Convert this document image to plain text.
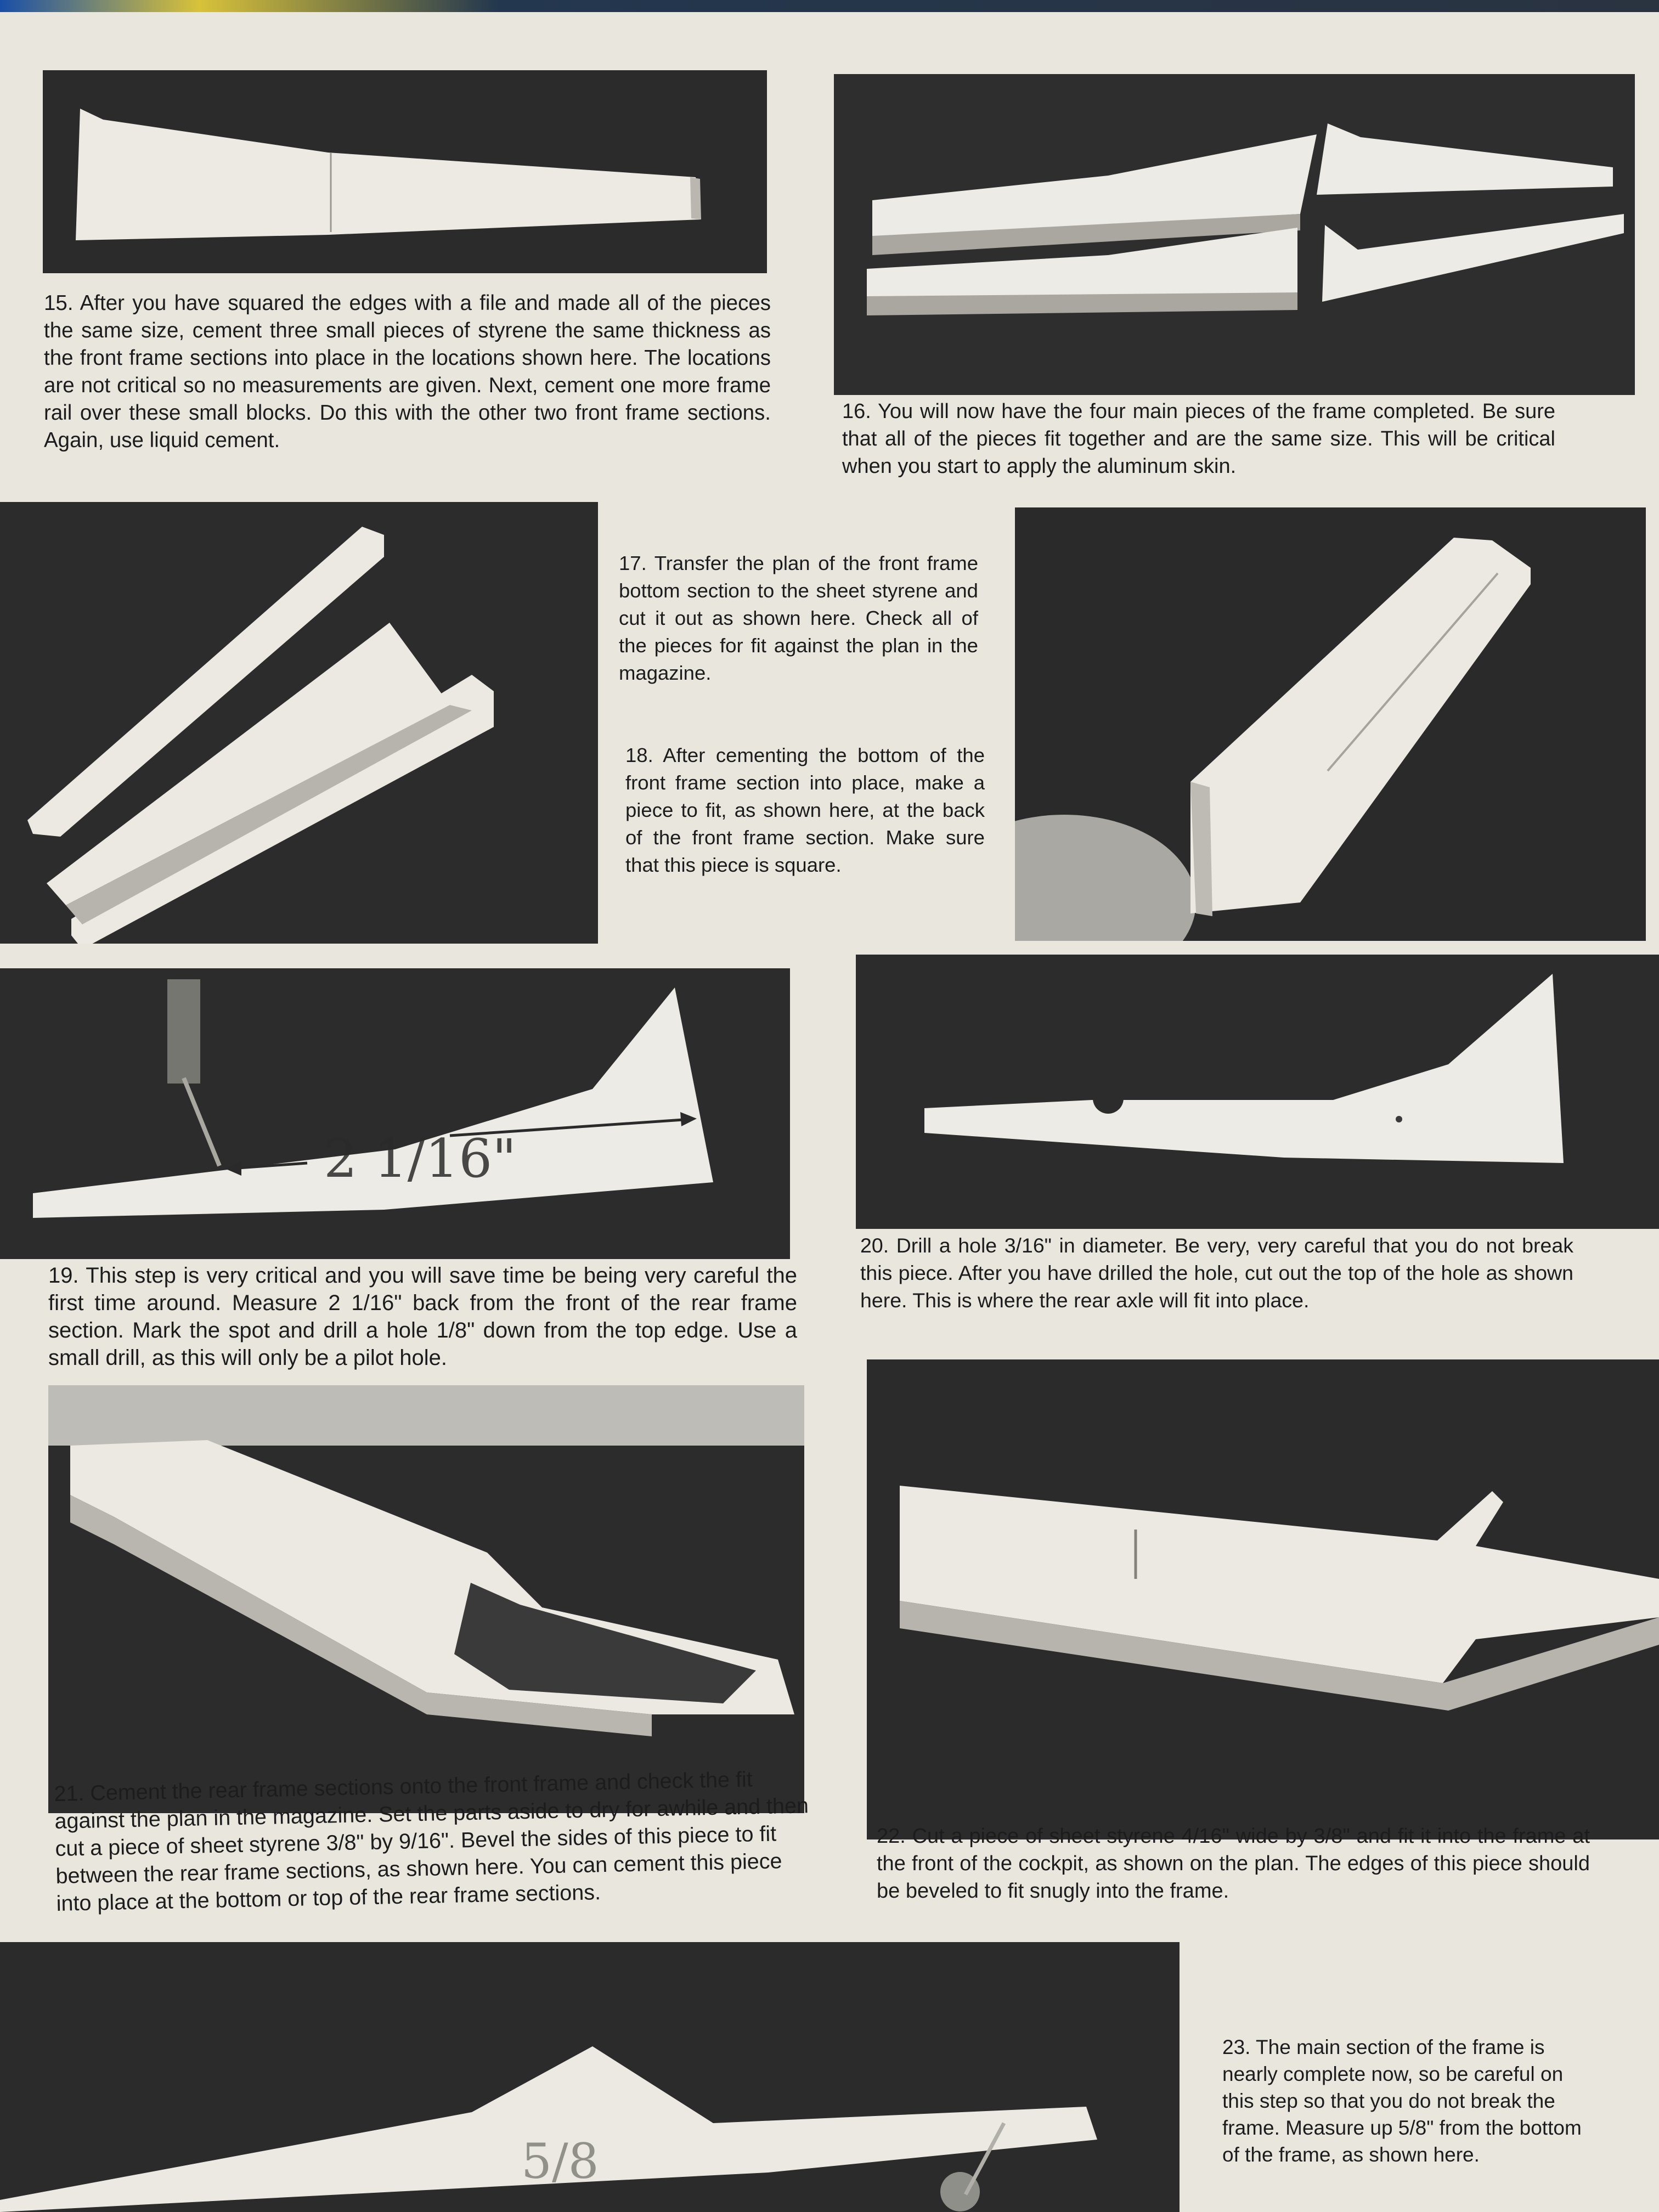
15. After you have squared the edges with a file and made all of the pieces the same size, cement three small pieces of styrene the same thickness as the front frame sections into place in the locations shown here. The locations are not critical so no measurements are given. Next, cement one more frame rail over these small blocks. Do this with the other two front frame sections. Again, use liquid cement.

16. You will now have the four main pieces of the frame completed. Be sure that all of the pieces fit together and are the same size. This will be critical when you start to apply the aluminum skin.

17. Transfer the plan of the front frame bottom section to the sheet styrene and cut it out as shown here. Check all of the pieces for fit against the plan in the magazine.

18. After cementing the bottom of the front frame section into place, make a piece to fit, as shown here, at the back of the front frame section. Make sure that this piece is square.

2 1/16"

19. This step is very critical and you will save time be being very careful the first time around. Measure 2 1/16" back from the front of the rear frame section. Mark the spot and drill a hole 1/8" down from the top edge. Use a small drill, as this will only be a pilot hole.

20. Drill a hole 3/16" in diameter. Be very, very careful that you do not break this piece. After you have drilled the hole, cut out the top of the hole as shown here. This is where the rear axle will fit into place.

21. Cement the rear frame sections onto the front frame and check the fit against the plan in the magazine. Set the parts aside to dry for awhile and then cut a piece of sheet styrene 3/8" by 9/16". Bevel the sides of this piece to fit between the rear frame sections, as shown here. You can cement this piece into place at the bottom or top of the rear frame sections.

22. Cut a piece of sheet styrene 4/16" wide by 3/8" and fit it into the frame at the front of the cockpit, as shown on the plan. The edges of this piece should be beveled to fit snugly into the frame.

5/8

23. The main section of the frame is nearly complete now, so be careful on this step so that you do not break the frame. Measure up 5/8" from the bottom of the frame, as shown here.
